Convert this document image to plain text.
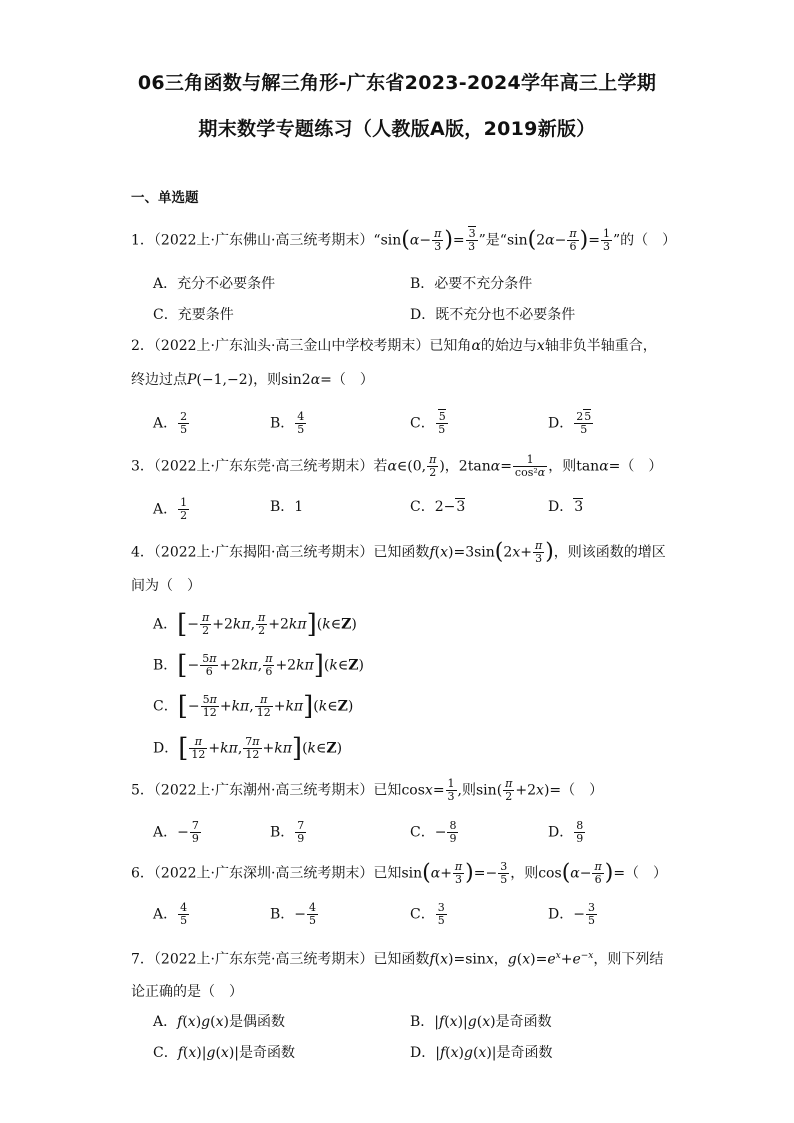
06三角函数与解三角形-广东省2023-2024学年高三上学期
期末数学专题练习（人教版A版，2019新版）
一、单选题
1．（2022上·广东佛山·高三统考期末）“sin(α− $\frac{\pi}{3}$ )= $\frac{3}{3}$ ”是“$\sin(2\alpha- \frac{\pi}{6}$ )= $\frac{1}{3}$ ”的（　）
A．充分不必要条件	B．必要不充分条件
C．充要条件	D．既不充分也不必要条件
2．（2022上·广东汕头·高三金山中学校考期末）已知角α的始边与x轴非负半轴重合，
终边过点P(−1,−2)，则sin2α=（　）
A． $\frac{2}{5}$	B． $\frac{4}{5}$	C． $\frac{5}{5}$	D． $\frac{25}{5}$
3．（2022上·广东东莞·高三统考期末）若α∈(0, $\frac{\pi}{2}$ )，$2\tan\alpha= \frac{1}{\text{cos²α}}$ ，则tanα=（　）
A． $\frac{1}{2}$	B．1	C．2−3	D．3
4．（2022上·广东揭阳·高三统考期末）已知函数$f(x)=3\sin(2x+ \frac{\pi}{3}$ )，则该函数的增区
间为（　）
A．[− $\frac{\pi}{2} +2k\pi$, $\frac{\pi}{2}$ +2kπ](k∈Z)
B．[− $\frac{5\pi}{6} +2k\pi$, $\frac{\pi}{6}$ +2kπ](k∈Z)
C．[− $\frac{5\pi}{12} +k\pi$, $\frac{\pi}{12}$ +kπ](k∈Z)
D．[ $\frac{\pi}{12} +k\pi$, $\frac{7\pi}{12}$ +kπ](k∈Z)
5．（2022上·广东潮州·高三统考期末）已知$\cos x= \frac{1}{3}$ ,则$\sin( \frac{\pi}{2} +2x)=$（　）
A．− $\frac{7}{9}$	B． $\frac{7}{9}$	C．− $\frac{8}{9}$	D． $\frac{8}{9}$
6．（2022上·广东深圳·高三统考期末）已知$\sin(\alpha+ \frac{\pi}{3}$ )=− $\frac{3}{5}$ ，则$\cos(\alpha- \frac{\pi}{6}$ )=（　）
A． $\frac{4}{5}$	B．− $\frac{4}{5}$	C． $\frac{3}{5}$	D．− $\frac{3}{5}$
7．（2022上·广东东莞·高三统考期末）已知函数f(x)=sinx，$g(x)=e^x+e^{-x}$，则下列结
论正确的是（　）
A．f(x)g(x)是偶函数	B．|f(x)|g(x)是奇函数
C．f(x)|g(x)|是奇函数	D．|f(x)g(x)|是奇函数
